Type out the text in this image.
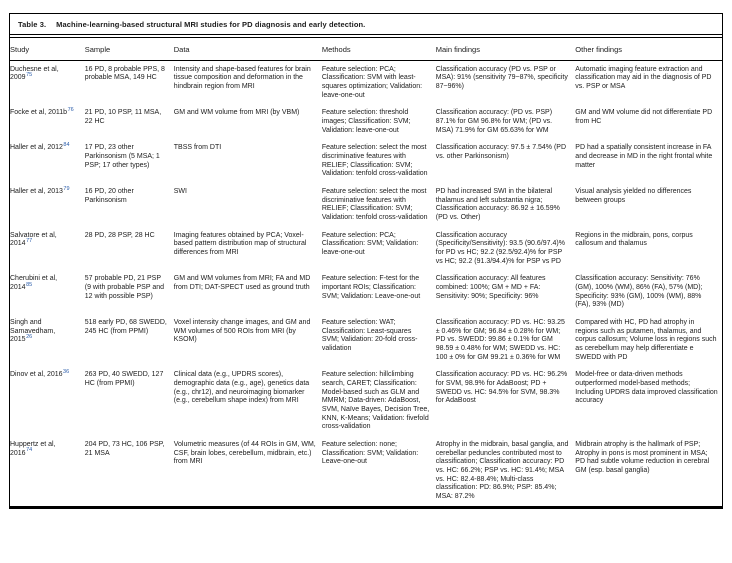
Table 3. Machine-learning-based structural MRI studies for PD diagnosis and early detection.
Study	Sample	Data	Methods	Main findings	Other findings
Duchesne et al, 2009$^{75}$	16 PD, 8 probable PPS, 8 probable MSA, 149 HC	Intensity and shape-based features for brain tissue composition and deformation in the hindbrain region from MRI	Feature selection: PCA; Classification: SVM with least-squares optimization; Validation: leave-one-out	Classification accuracy (PD vs. PSP or MSA): 91% (sensitivity 79~87%, specificity 87~96%)	Automatic imaging feature extraction and classification may aid in the diagnosis of PD vs. PSP or MSA
Focke et al, 2011b$^{76}$	21 PD, 10 PSP, 11 MSA, 22 HC	GM and WM volume from MRI (by VBM)	Feature selection: threshold images; Classification: SVM; Validation: leave-one-out	Classification accuracy: (PD vs. PSP) 87.1% for GM 96.8% for WM; (PD vs. MSA) 71.9% for GM 65.63% for WM	GM and WM volume did not differentiate PD from HC
Haller et al, 2012$^{84}$	17 PD, 23 other Parkinsonism (5 MSA; 1 PSP; 17 other types)	TBSS from DTI	Feature selection: select the most discriminative features with RELIEF; Classification: SVM; Validation: tenfold cross-validation	Classification accuracy: 97.5 ± 7.54% (PD vs. other Parkinsonism)	PD had a spatially consistent increase in FA and decrease in MD in the right frontal white matter
Haller et al, 2013$^{79}$	16 PD, 20 other Parkinsonism	SWI	Feature selection: select the most discriminative features with RELIEF; Classification: SVM; Validation: tenfold cross-validation	PD had increased SWI in the bilateral thalamus and left substantia nigra; Classification accuracy: 86.92 ± 16.59% (PD vs. Other)	Visual analysis yielded no differences between groups
Salvatore et al, 2014$^{77}$	28 PD, 28 PSP, 28 HC	Imaging features obtained by PCA; Voxel-based pattern distribution map of structural differences from MRI	Feature selection: PCA; Classification: SVM; Validation: leave-one-out	Classification accuracy (Specificity/Sensitivity): 93.5 (90.6/97.4)% for PD vs HC; 92.2 (92.5/92.4)% for PSP vs HC; 92.2 (91.3/94.4)% for PSP vs PD	Regions in the midbrain, pons, corpus callosum and thalamus
Cherubini et al, 2014$^{85}$	57 probable PD, 21 PSP (9 with probable PSP and 12 with possible PSP)	GM and WM volumes from MRI; FA and MD from DTI; DAT-SPECT used as ground truth	Feature selection: F-test for the important ROIs; Classification: SVM; Validation: Leave-one-out	Classification accuracy: All features combined: 100%; GM + MD + FA: Sensitivity: 90%; Specificity: 96%	Classification accuracy: Sensitivity: 76% (GM), 100% (WM), 86% (FA), 57% (MD); Specificity: 93% (GM), 100% (WM), 88% (FA), 93% (MD)
Singh and Samavedham, 2015$^{26}$	518 early PD, 68 SWEDD, 245 HC (from PPMI)	Voxel intensity change images, and GM and WM volumes of 500 ROIs from MRI (by KSOM)	Feature selection: WAT; Classification: Least-squares SVM; Validation: 20-fold cross-validation	Classification accuracy: PD vs. HC: 93.25 ± 0.46% for GM; 96.84 ± 0.28% for WM; PD vs. SWEDD: 99.86 ± 0.1% for GM 98.59 ± 0.48% for WM; SWEDD vs. HC: 100 ± 0% for GM 99.21 ± 0.36% for WM	Compared with HC, PD had atrophy in regions such as putamen, thalamus, and corpus callosum; Volume loss in regions such as cerebellum may help differentiate e SWEDD with PD
Dinov et al, 2016$^{36}$	263 PD, 40 SWEDD, 127 HC (from PPMI)	Clinical data (e.g., UPDRS scores), demographic data (e.g., age), genetics data (e.g., chr12), and neuroimaging biomarker (e.g., cerebellum shape index) from MRI	Feature selection: hillclimbing search, CARET; Classification: Model-based such as GLM and MMRM; Data-driven: AdaBoost, SVM, Naïve Bayes, Decision Tree, KNN, K-Means; Validation: fivefold cross-validation	Classification accuracy: PD vs. HC: 96.2% for SVM, 98.9% for AdaBoost; PD + SWEDD vs. HC: 94.5% for SVM, 98.3% for AdaBoost	Model-free or data-driven methods outperformed model-based methods; Including UPDRS data improved classification accuracy
Huppertz et al, 2016$^{74}$	204 PD, 73 HC, 106 PSP, 21 MSA	Volumetric measures (of 44 ROIs in GM, WM, CSF, brain lobes, cerebellum, midbrain, etc.) from MRI	Feature selection: none; Classification: SVM; Validation: Leave-one-out	Atrophy in the midbrain, basal ganglia, and cerebellar peduncles contributed most to classification; Classification accuracy: PD vs. HC: 66.2%; PSP vs. HC: 91.4%; MSA vs. HC: 82.4-88.4%; Multi-class classification: PD: 86.9%; PSP: 85.4%; MSA: 87.2%	Midbrain atrophy is the hallmark of PSP; Atrophy in pons is most prominent in MSA; PD had subtle volume reduction in cerebral GM (esp. basal ganglia)
